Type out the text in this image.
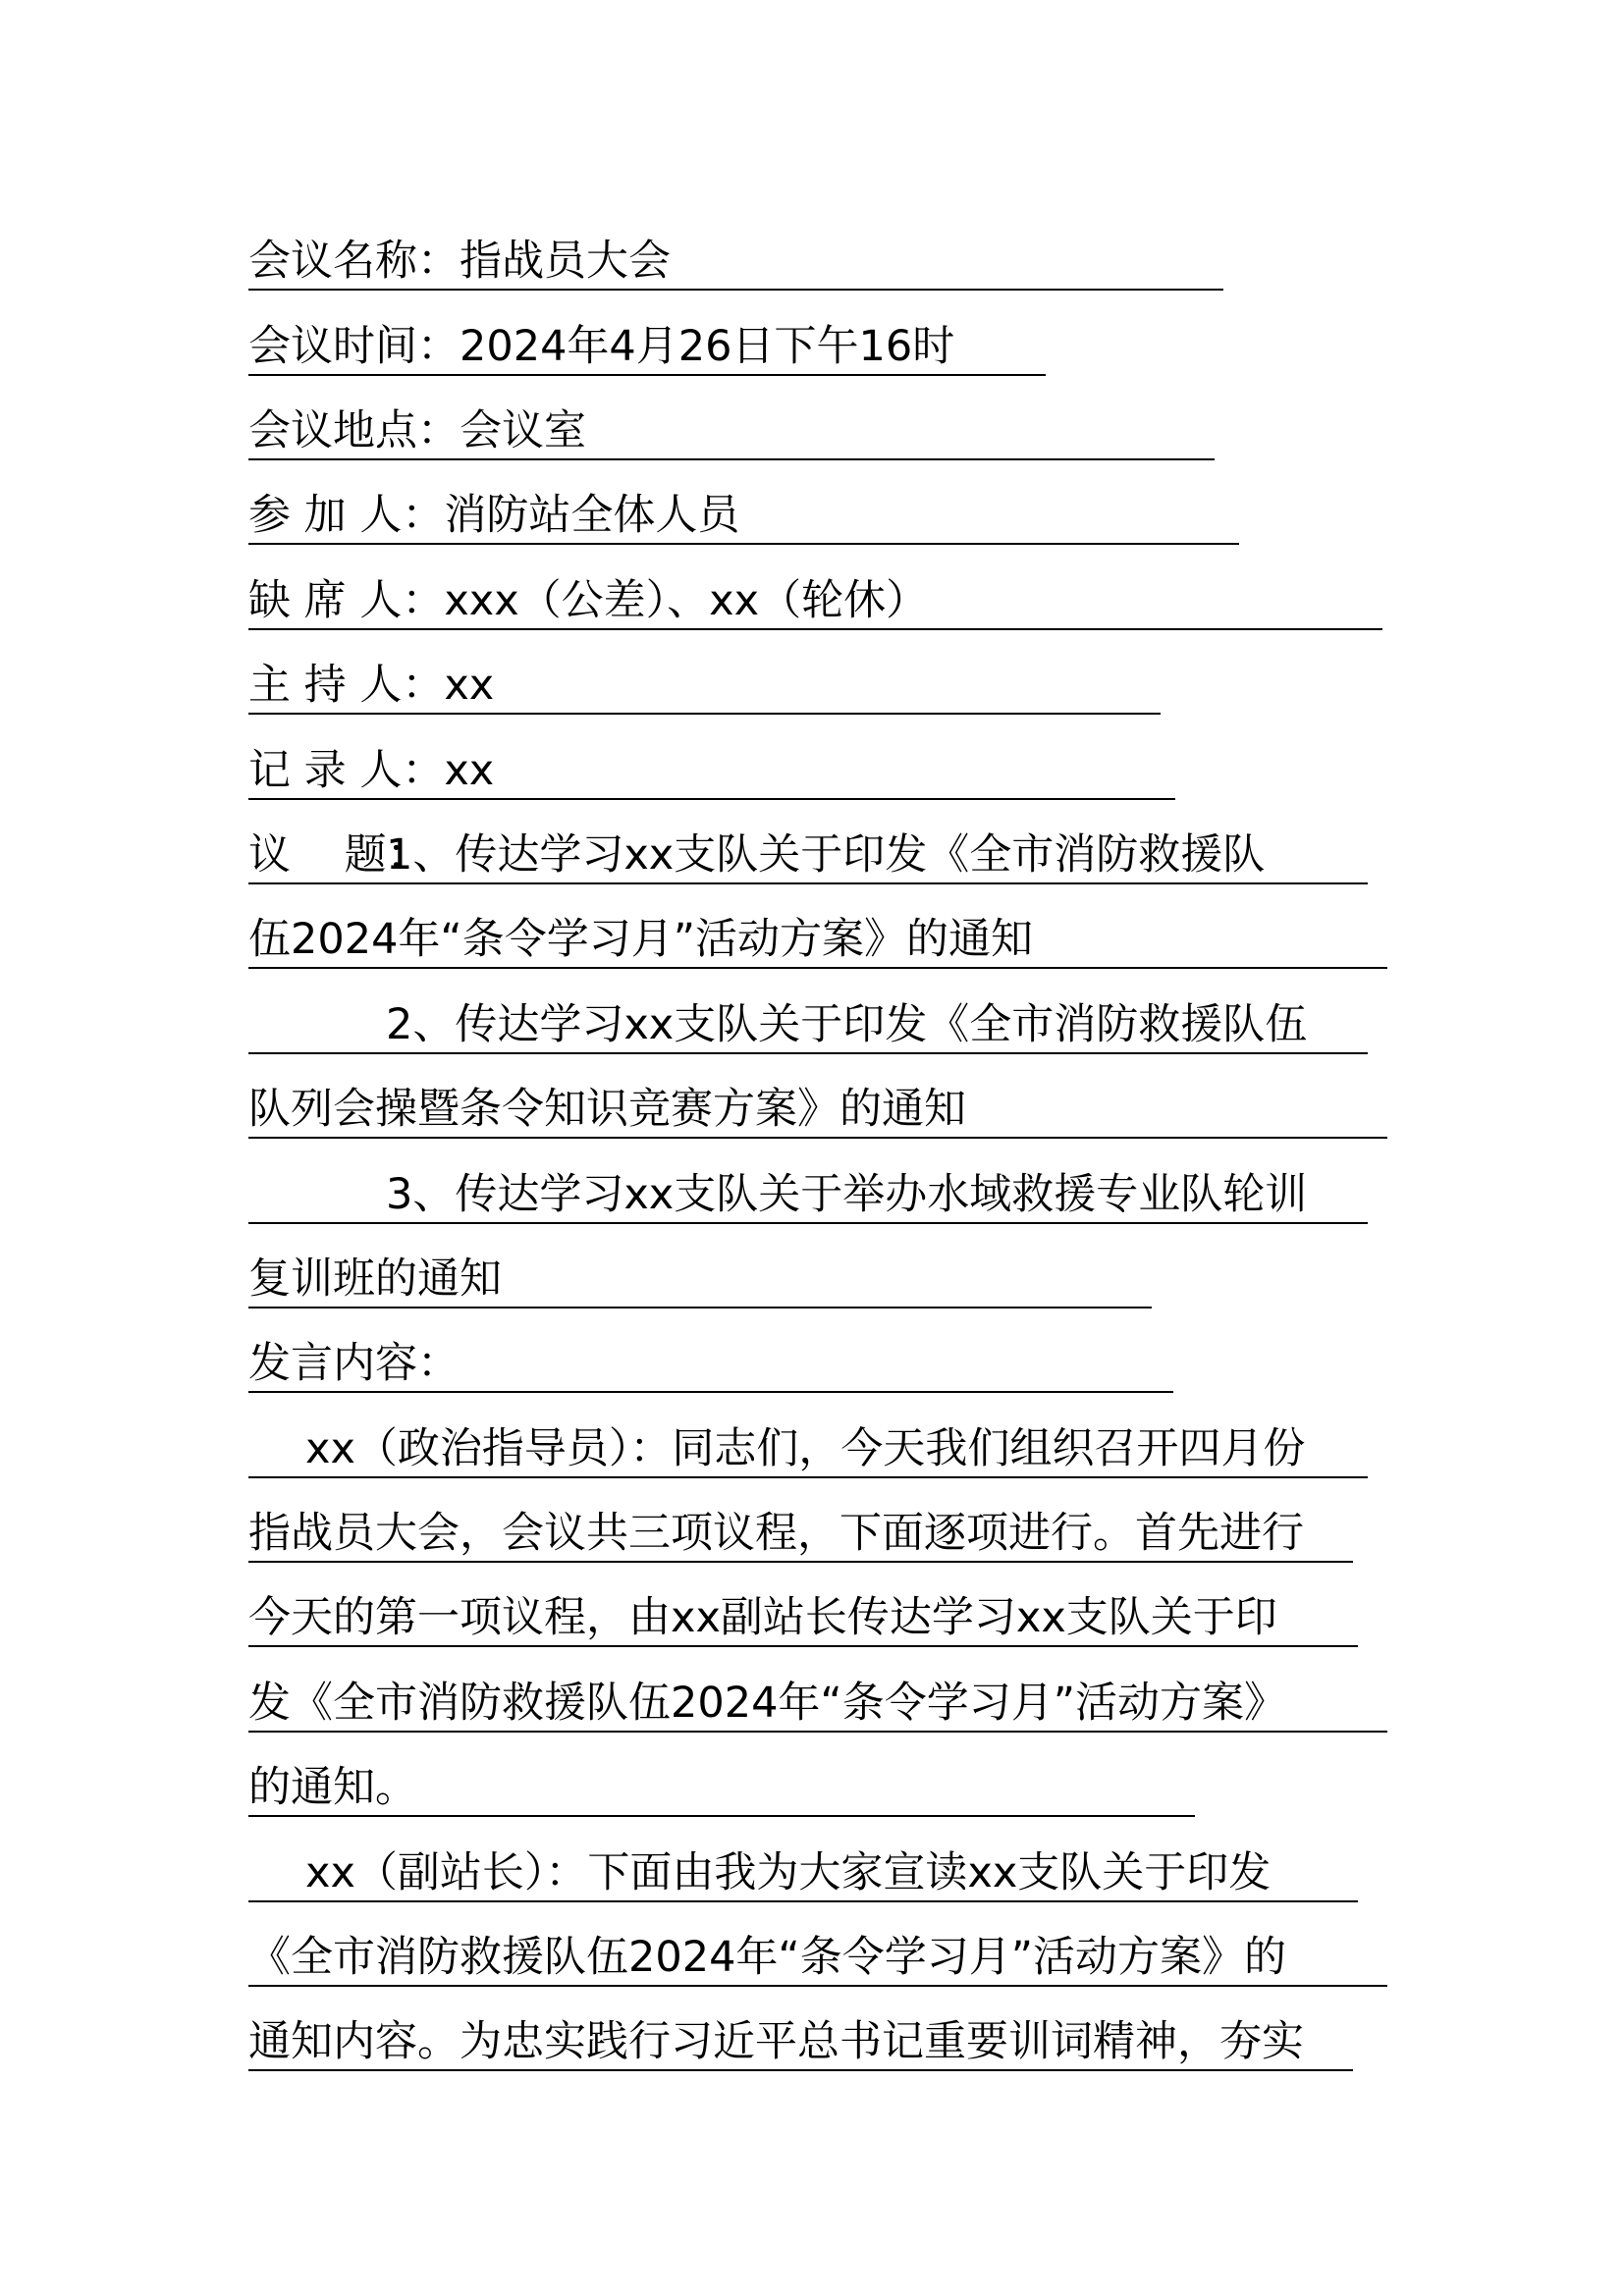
会议名称：指战员大会
会议时间：2024年4月26日下午16时
会议地点：会议室
参 加 人：消防站全体人员
缺 席 人：xxx（公差）、xx（轮休）
主 持 人：xx
记 录 人：xx
议    题：1、传达学习xx支队关于印发《全市消防救援队
伍2024年“条令学习月”活动方案》的通知
2、传达学习xx支队关于印发《全市消防救援队伍
队列会操暨条令知识竞赛方案》的通知
3、传达学习xx支队关于举办水域救援专业队轮训
复训班的通知
发言内容：
xx（政治指导员）：同志们，今天我们组织召开四月份
指战员大会，会议共三项议程，下面逐项进行。首先进行
今天的第一项议程，由xx副站长传达学习xx支队关于印
发《全市消防救援队伍2024年“条令学习月”活动方案》
的通知。
xx（副站长）：下面由我为大家宣读xx支队关于印发
《全市消防救援队伍2024年“条令学习月”活动方案》的
通知内容。为忠实践行习近平总书记重要训词精神，夯实
